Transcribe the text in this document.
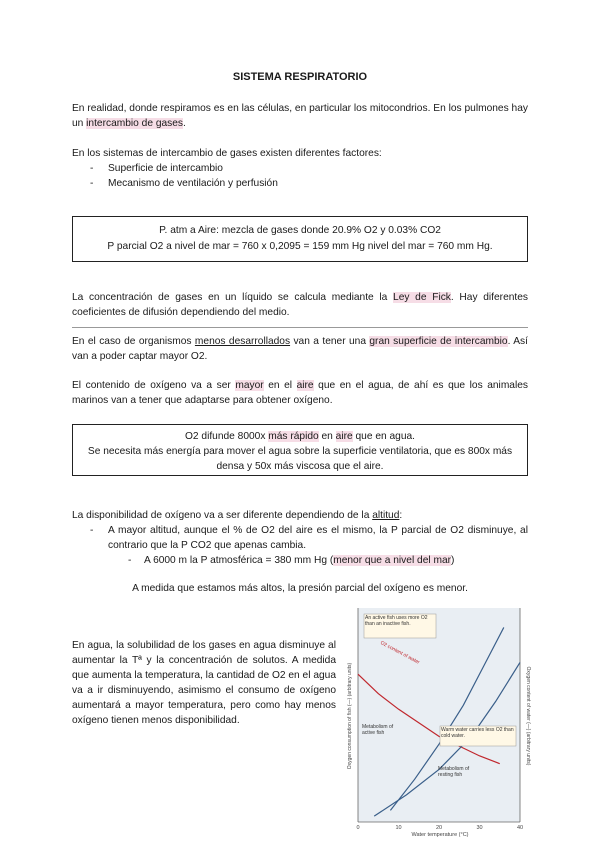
SISTEMA RESPIRATORIO
En realidad, donde respiramos es en las células, en particular los mitocondrios. En los pulmones hay un intercambio de gases.
En los sistemas de intercambio de gases existen diferentes factores:
- Superficie de intercambio
- Mecanismo de ventilación y perfusión
P. atm a Aire: mezcla de gases donde 20.9% O2 y 0.03% CO2
P parcial O2 a nivel de mar = 760 x 0,2095 = 159 mm Hg nivel del mar = 760 mm Hg.
La concentración de gases en un líquido se calcula mediante la Ley de Fick. Hay diferentes coeficientes de difusión dependiendo del medio.
En el caso de organismos menos desarrollados van a tener una gran superficie de intercambio. Así van a poder captar mayor O2.
El contenido de oxígeno va a ser mayor en el aire que en el agua, de ahí es que los animales marinos van a tener que adaptarse para obtener oxígeno.
O2 difunde 8000x más rápido en aire que en agua.
Se necesita más energía para mover el agua sobre la superficie ventilatoria, que es 800x más densa y 50x más viscosa que el aire.
La disponibilidad de oxígeno va a ser diferente dependiendo de la altitud:
- A mayor altitud, aunque el % de O2 del aire es el mismo, la P parcial de O2 disminuye, al contrario que la P CO2 que apenas cambia.
- A 6000 m la P atmosférica = 380 mm Hg (menor que a nivel del mar)
A medida que estamos más altos, la presión parcial del oxígeno es menor.
En agua, la solubilidad de los gases en agua disminuye al aumentar la Tª y la concentración de solutos. A medida que aumenta la temperatura, la cantidad de O2 en el agua va a ir disminuyendo, asimismo el consumo de oxígeno aumentará a mayor temperatura, pero como hay menos oxígeno tienen menos disponibilidad.
0	10	20	30	40
An active fish uses more O2 than an inactive fish.
O2 content of water
Metabolism of active fish	Warm water carries less O2 than cold water.
Metabolism of resting fish
Water temperature (°C)
Oxygen consumption of fish (—) (arbitrary units)	Oxygen content of water (—) (arbitrary units)
